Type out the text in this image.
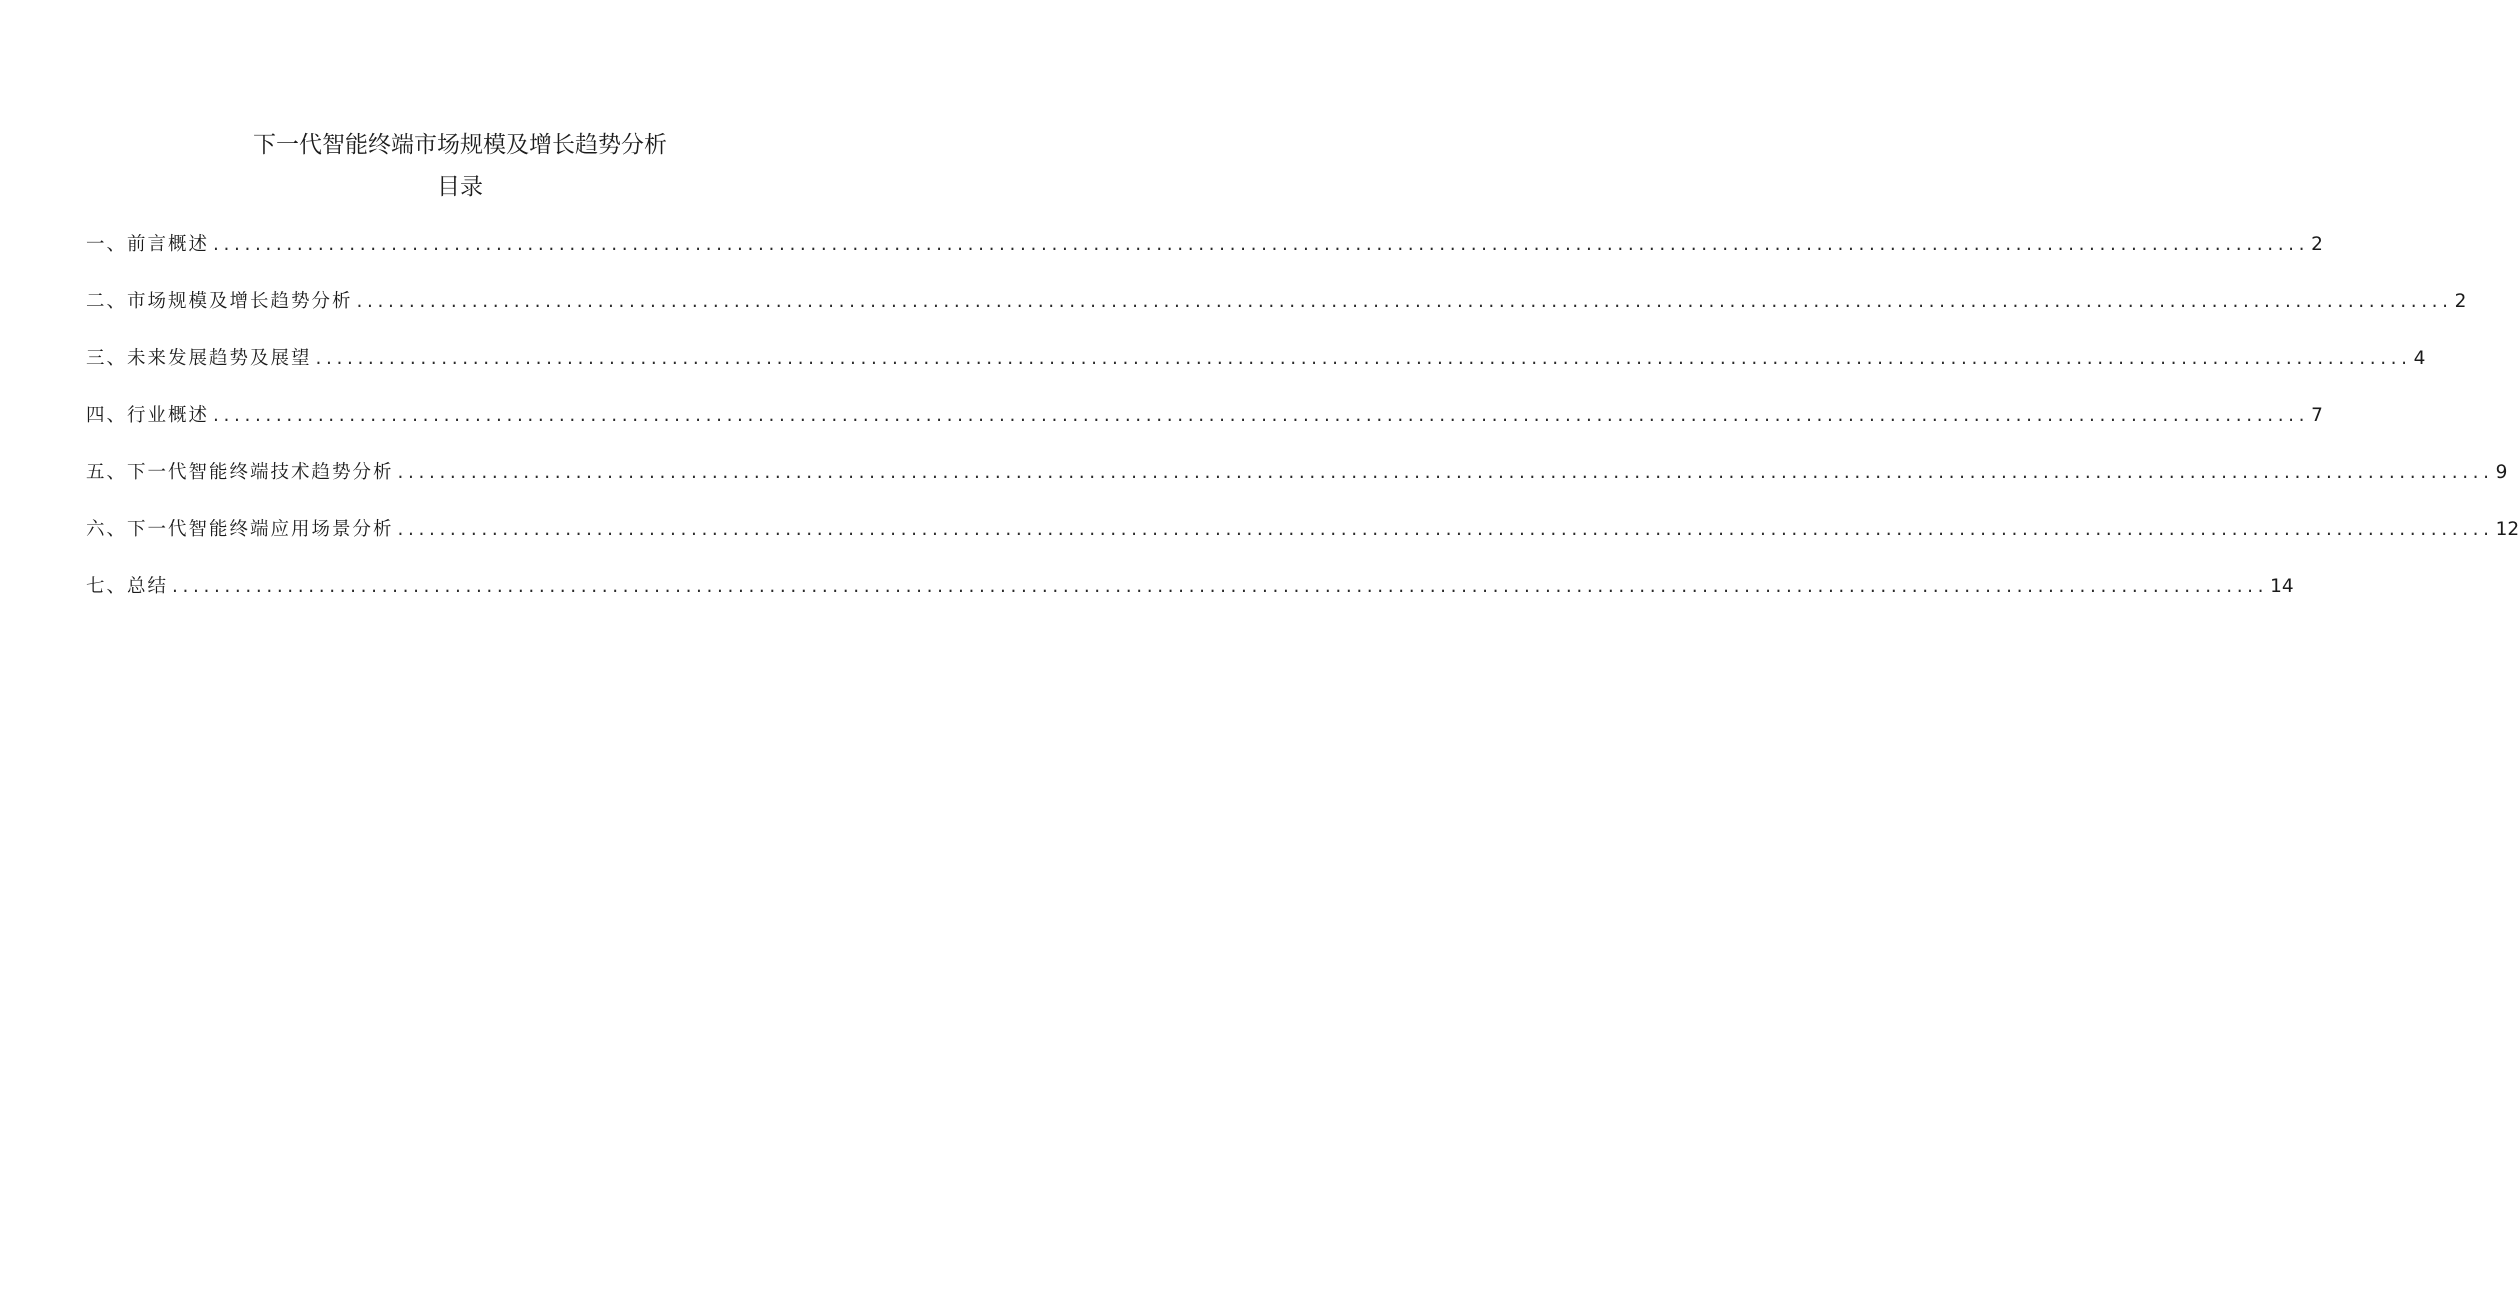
下一代智能终端市场规模及增长趋势分析
目录
一、前言概述 ........................................................................................................................................................................................................ 2
二、市场规模及增长趋势分析 ........................................................................................................................................................................................................ 2
三、未来发展趋势及展望 ........................................................................................................................................................................................................ 4
四、行业概述 ........................................................................................................................................................................................................ 7
五、下一代智能终端技术趋势分析 ........................................................................................................................................................................................................ 9
六、下一代智能终端应用场景分析 ........................................................................................................................................................................................................ 12
七、总结 ........................................................................................................................................................................................................ 14
